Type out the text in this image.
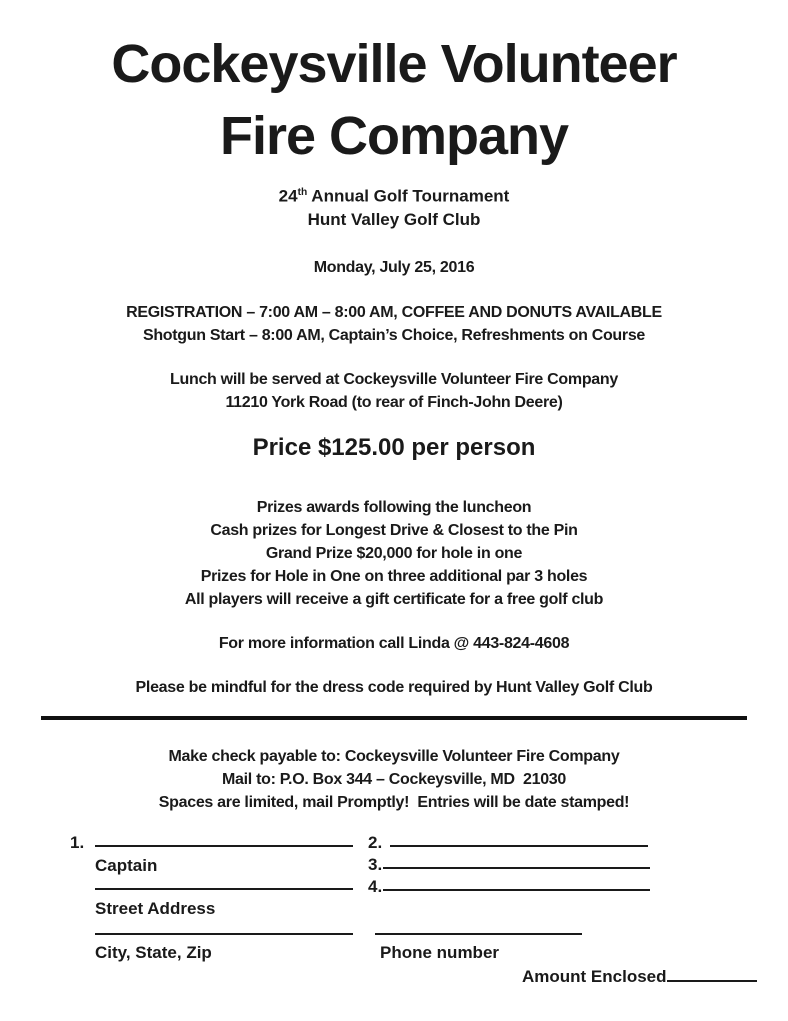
Cockeysville Volunteer
Fire Company
24th Annual Golf Tournament
Hunt Valley Golf Club
Monday, July 25, 2016
REGISTRATION – 7:00 AM – 8:00 AM, COFFEE AND DONUTS AVAILABLE
Shotgun Start – 8:00 AM, Captain’s Choice, Refreshments on Course
Lunch will be served at Cockeysville Volunteer Fire Company
11210 York Road (to rear of Finch-John Deere)
Price $125.00 per person
Prizes awards following the luncheon
Cash prizes for Longest Drive & Closest to the Pin
Grand Prize $20,000 for hole in one
Prizes for Hole in One on three additional par 3 holes
All players will receive a gift certificate for a free golf club
For more information call Linda @ 443-824-4608
Please be mindful for the dress code required by Hunt Valley Golf Club
Make check payable to: Cockeysville Volunteer Fire Company
Mail to: P.O. Box 344 – Cockeysville, MD  21030
Spaces are limited, mail Promptly!  Entries will be date stamped!
1.	2.
Captain	3.
4.
Street Address
City, State, Zip	Phone number
Amount Enclosed
